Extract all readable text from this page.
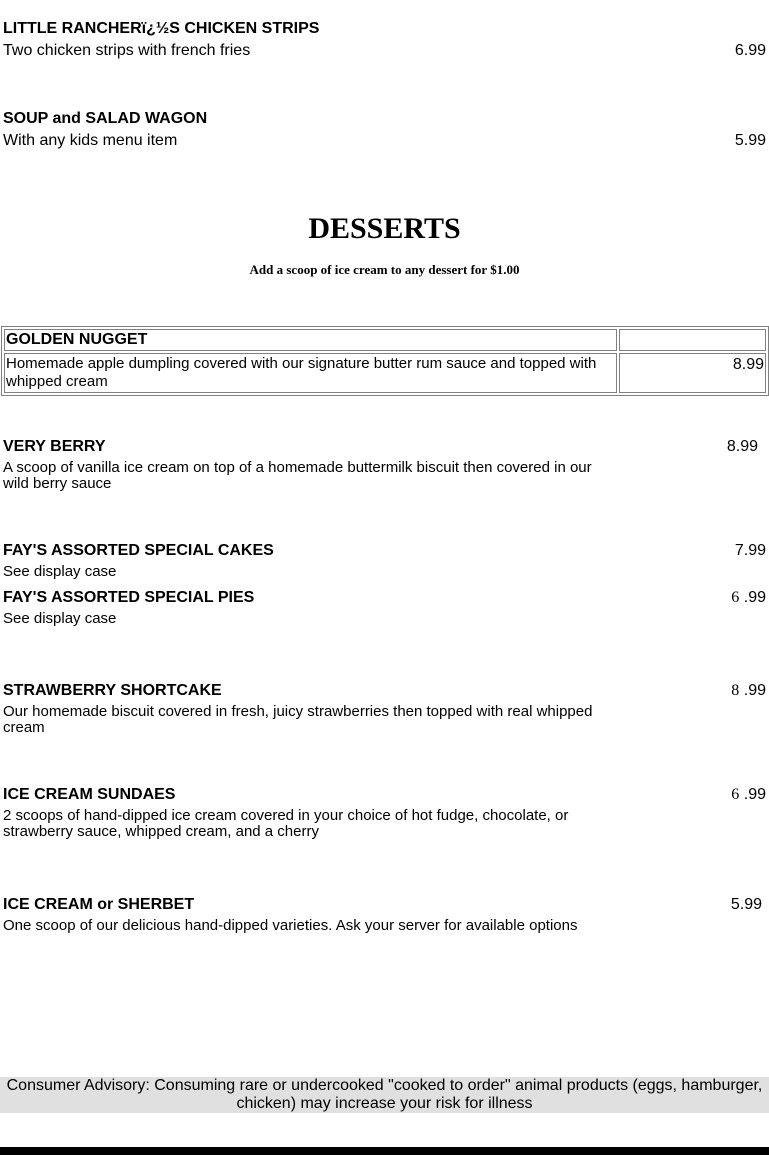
LITTLE RANCHERï¿½S CHICKEN STRIPS
Two chicken strips with french fries	6.99
SOUP and SALAD WAGON
With any kids menu item	5.99
DESSERTS
Add a scoop of ice cream to any dessert for $1.00
GOLDEN NUGGET	
Homemade apple dumpling covered with our signature butter rum sauce and topped with whipped cream	8.99
VERY BERRY	8.99
A scoop of vanilla ice cream on top of a homemade buttermilk biscuit then covered in our wild berry sauce
FAY'S ASSORTED SPECIAL CAKES	7.99
See display case
FAY'S ASSORTED SPECIAL PIES	6 .99
See display case
STRAWBERRY SHORTCAKE	8 .99
Our homemade biscuit covered in fresh, juicy strawberries then topped with real whipped cream
ICE CREAM SUNDAES	6 .99
2 scoops of hand-dipped ice cream covered in your choice of hot fudge, chocolate, or strawberry sauce, whipped cream, and a cherry
ICE CREAM or SHERBET	5.99
One scoop of our delicious hand-dipped varieties. Ask your server for available options
Consumer Advisory: Consuming rare or undercooked "cooked to order" animal products (eggs, hamburger, chicken) may increase your risk for illness
